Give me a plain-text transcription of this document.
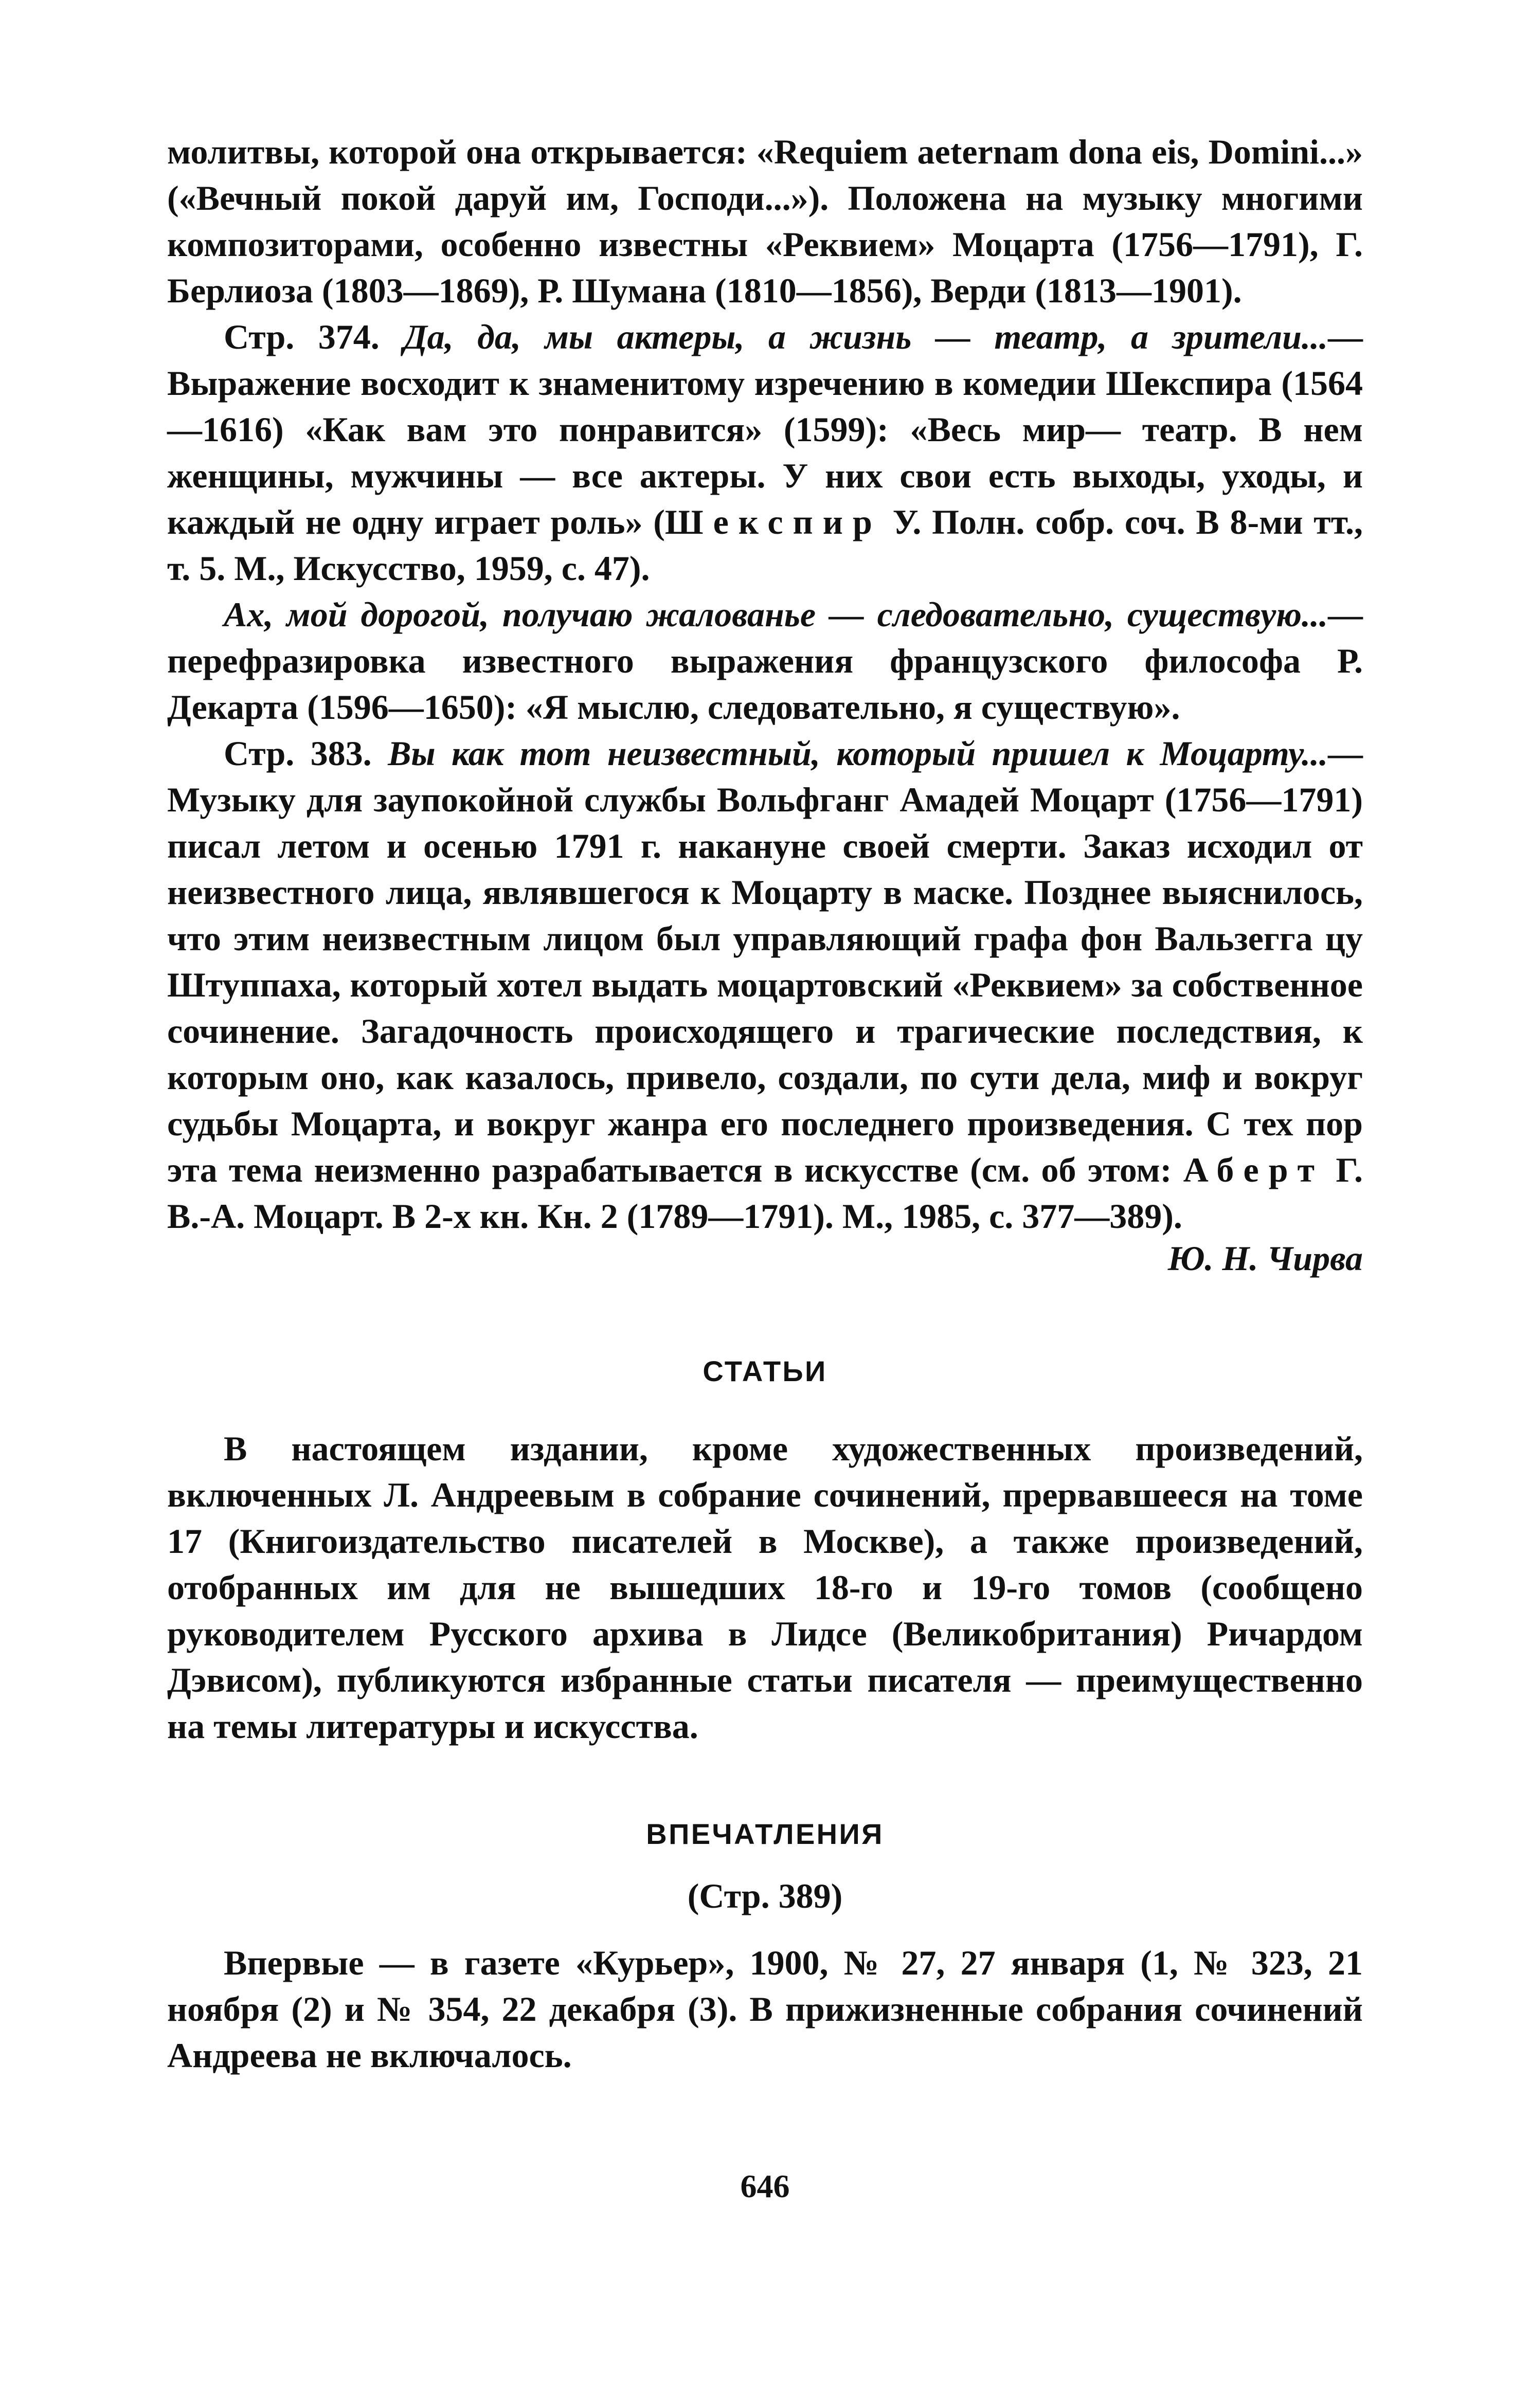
молитвы, которой она открывается: «Requiem aeternam dona eis, Domini...» («Вечный покой даруй им, Господи...»). Положена на музыку многими композиторами, особенно известны «Реквием» Моцарта (1756—1791), Г. Берлиоза (1803—1869), Р. Шумана (1810—1856), Верди (1813—1901).

Стр. 374. Да, да, мы актеры, а жизнь — театр, а зрители...— Выражение восходит к знаменитому изречению в комедии Шекспира (1564—1616) «Как вам это понравится» (1599): «Весь мир— театр. В нем женщины, мужчины — все актеры. У них свои есть выходы, уходы, и каждый не одну играет роль» (Шекспир У. Полн. собр. соч. В 8-ми тт., т. 5. М., Искусство, 1959, с. 47).

Ах, мой дорогой, получаю жалованье — следовательно, существую...— перефразировка известного выражения французского философа Р. Декарта (1596—1650): «Я мыслю, следовательно, я существую».

Стр. 383. Вы как тот неизвестный, который пришел к Моцарту...— Музыку для заупокойной службы Вольфганг Амадей Моцарт (1756—1791) писал летом и осенью 1791 г. накануне своей смерти. Заказ исходил от неизвестного лица, являвшегося к Моцарту в маске. Позднее выяснилось, что этим неизвестным лицом был управляющий графа фон Вальзегга цу Штуппаха, который хотел выдать моцартовский «Реквием» за собственное сочинение. Загадочность происходящего и трагические последствия, к которым оно, как казалось, привело, создали, по сути дела, миф и вокруг судьбы Моцарта, и вокруг жанра его последнего произведения. С тех пор эта тема неизменно разрабатывается в искусстве (см. об этом: Аберт Г. В.-А. Моцарт. В 2-х кн. Кн. 2 (1789—1791). М., 1985, с. 377—389).

Ю. Н. Чирва
СТАТЬИ

В настоящем издании, кроме художественных произведений, включенных Л. Андреевым в собрание сочинений, прервавшееся на томе 17 (Книгоиздательство писателей в Москве), а также произведений, отобранных им для не вышедших 18-го и 19-го томов (сообщено руководителем Русского архива в Лидсе (Великобритания) Ричардом Дэвисом), публикуются избранные статьи писателя — преимущественно на темы литературы и искусства.

ВПЕЧАТЛЕНИЯ
(Стр. 389)

Впервые — в газете «Курьер», 1900, № 27, 27 января (1, № 323, 21 ноября (2) и № 354, 22 декабря (3). В прижизненные собрания сочинений Андреева не включалось.

646
